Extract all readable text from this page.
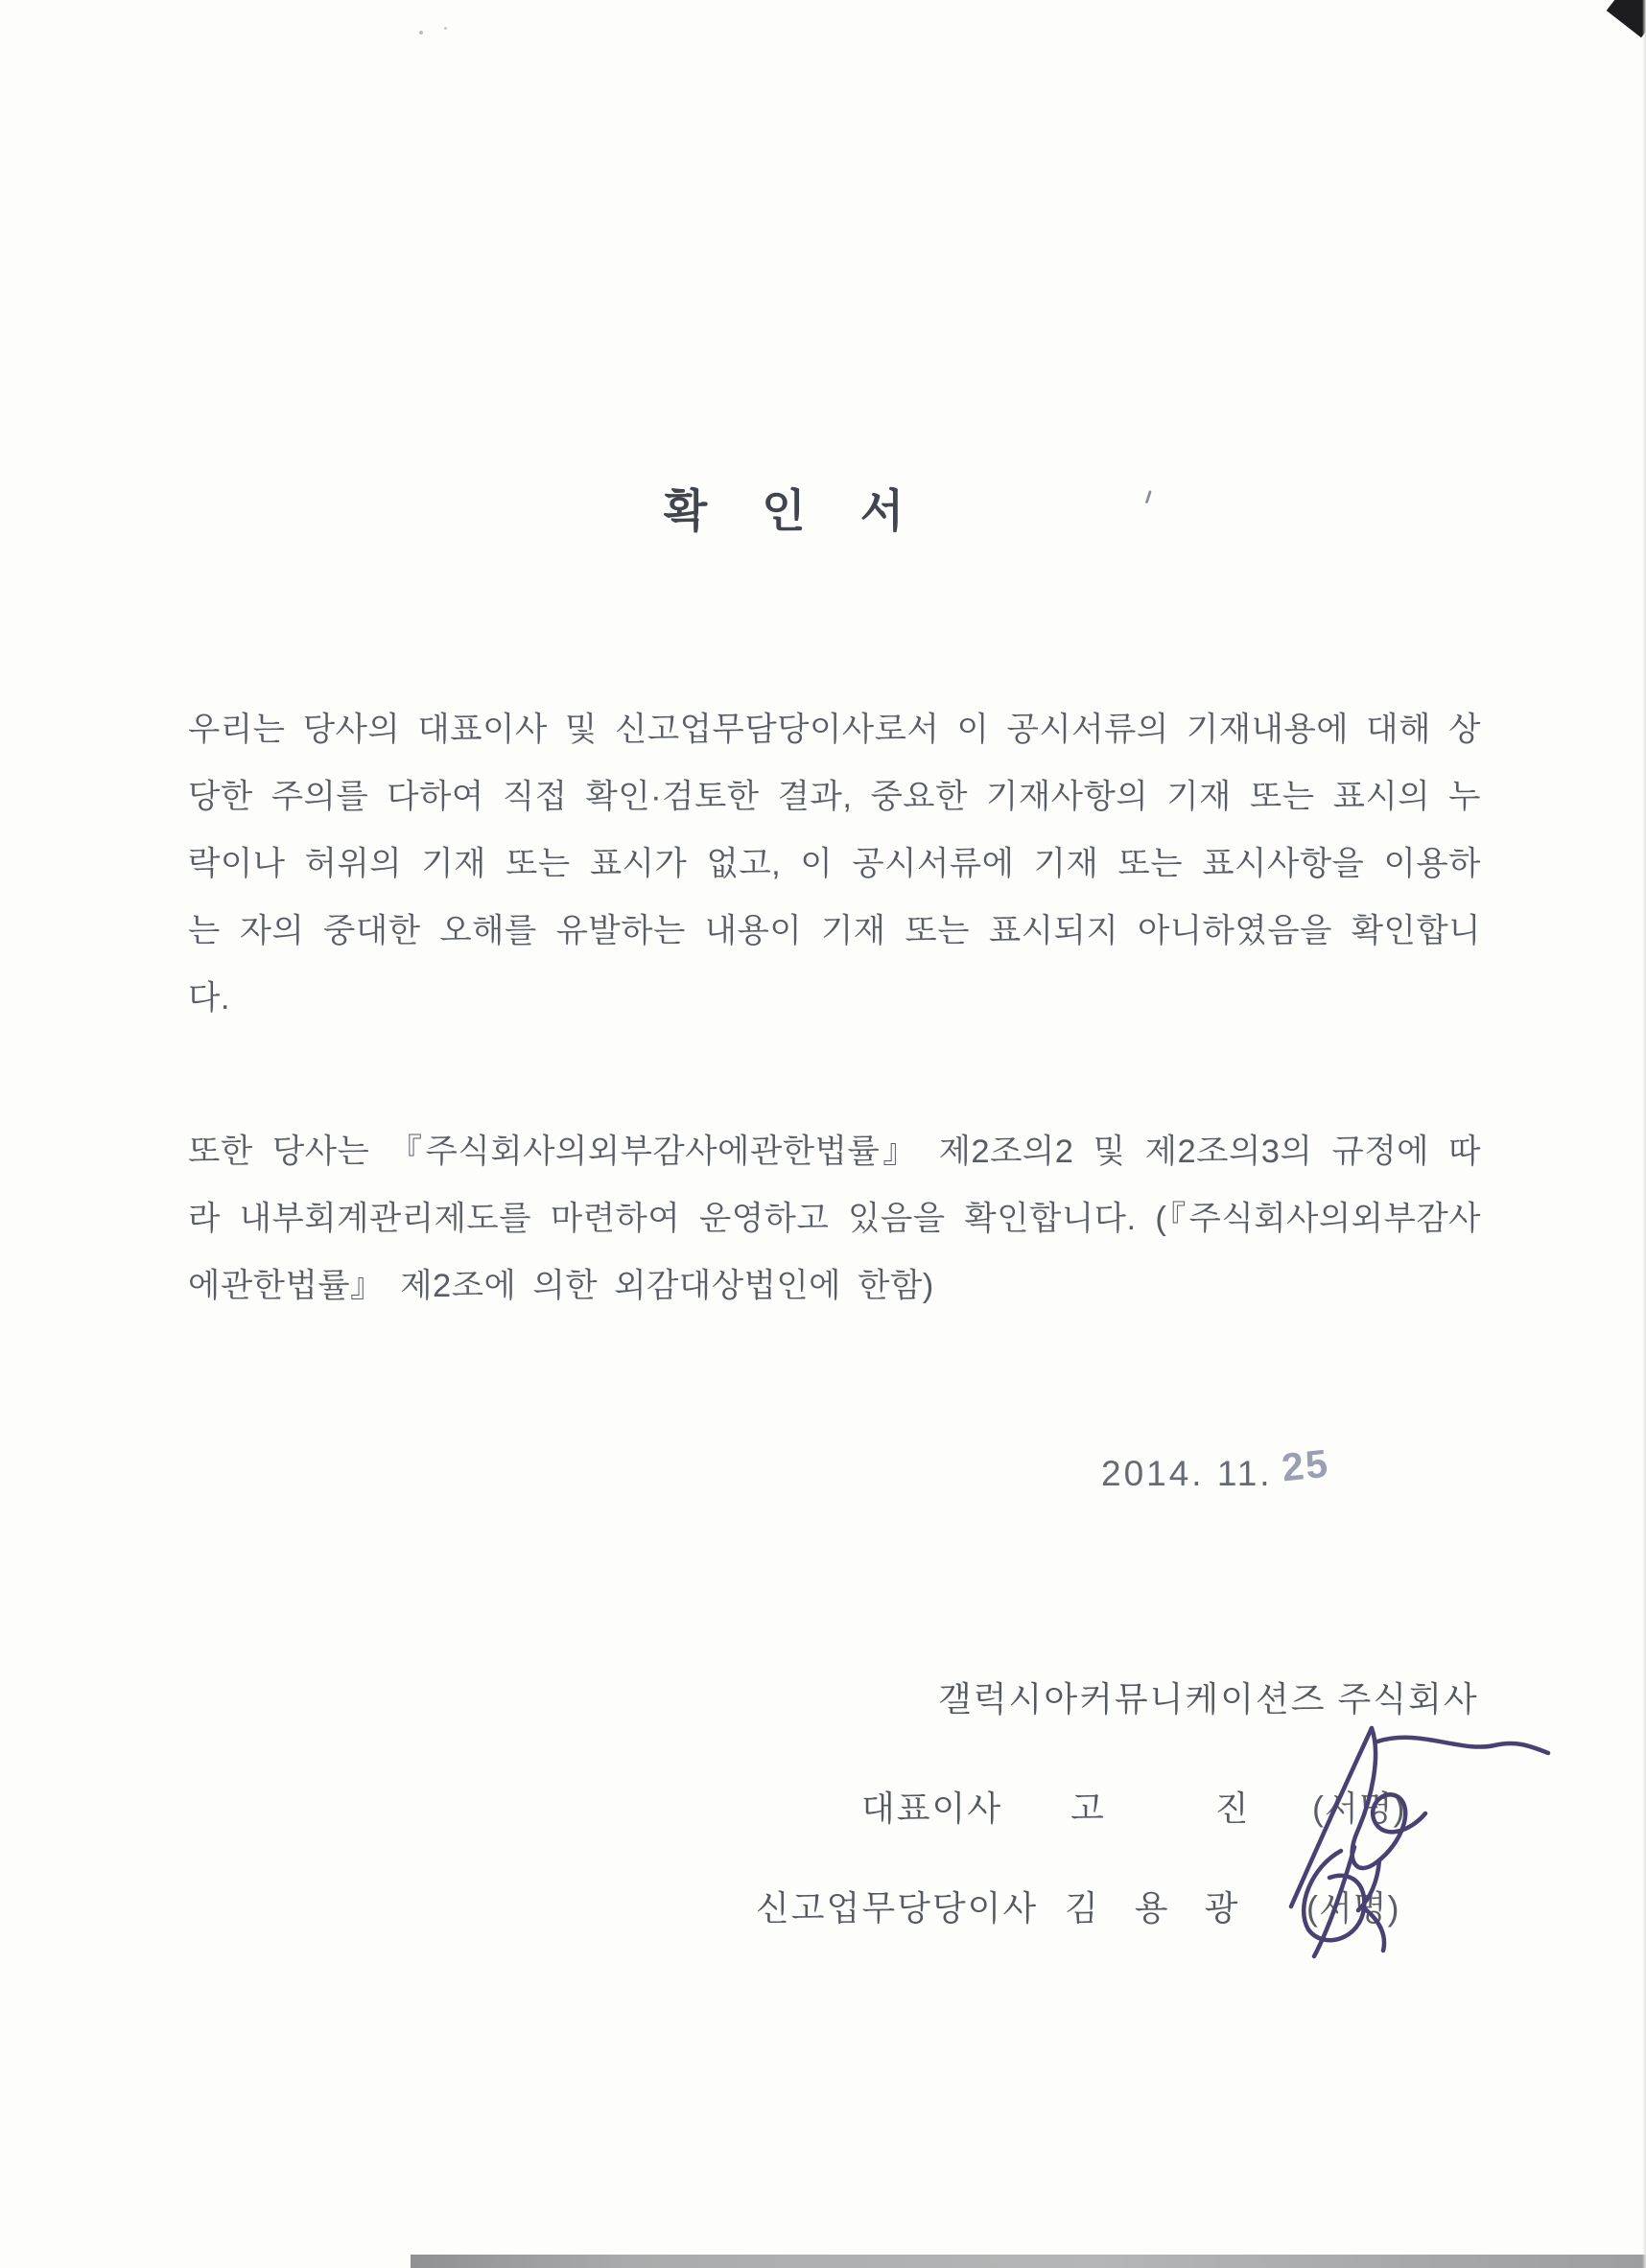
확 인 서
우리는 당사의 대표이사 및 신고업무담당이사로서 이 공시서류의 기재내용에 대해 상당한 주의를 다하여 직접 확인·검토한 결과, 중요한 기재사항의 기재 또는 표시의 누락이나 허위의 기재 또는 표시가 없고, 이 공시서류에 기재 또는 표시사항을 이용하는 자의 중대한 오해를 유발하는 내용이 기재 또는 표시되지 아니하였음을 확인합니다.
또한 당사는 『주식회사의외부감사에관한법률』 제2조의2 및 제2조의3의 규정에 따라 내부회계관리제도를 마련하여 운영하고 있음을 확인합니다. (『주식회사의외부감사에관한법률』 제2조에 의한 외감대상법인에 한함)
2014. 11. 25
갤럭시아커뮤니케이션즈 주식회사
대표이사 고 진 (서명)
신고업무당당이사 김 용 광 (서명)
